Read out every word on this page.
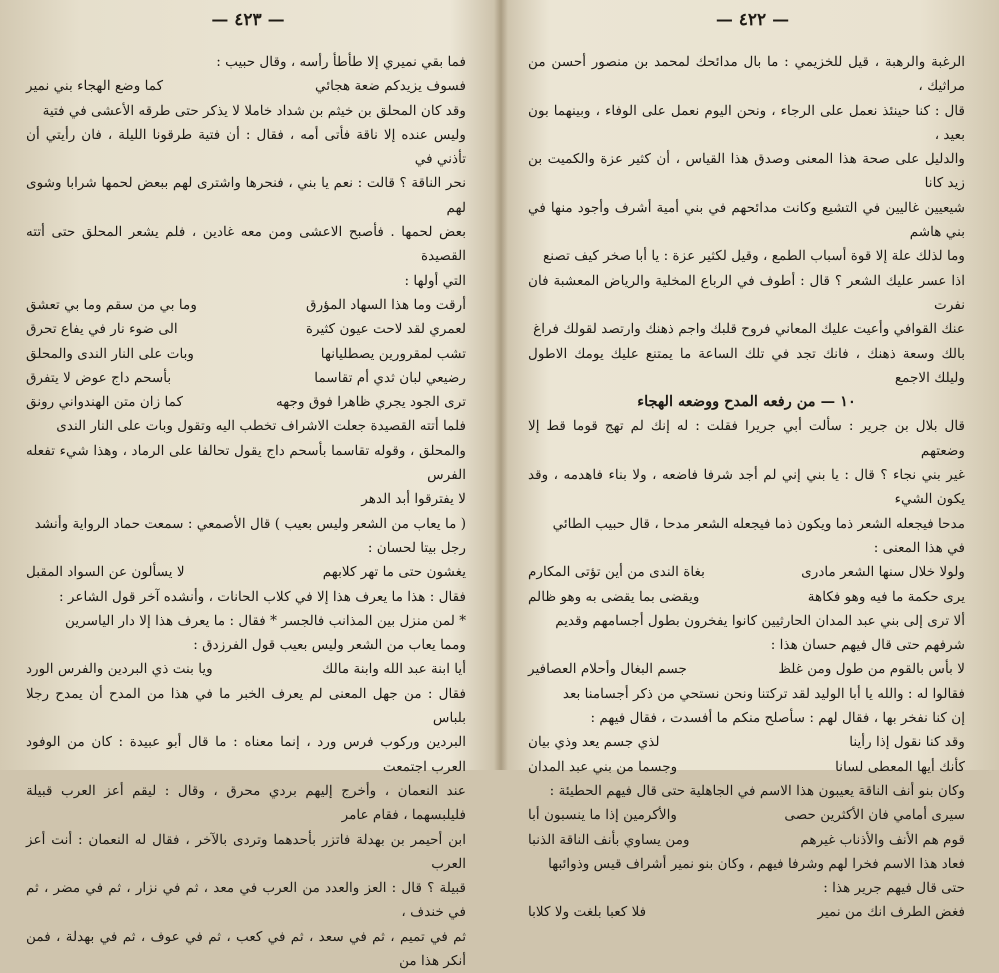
— ٤٢٣ —
فما بقي نميري إلا طأطأ رأسه ، وقال حبيب :
فسوف يزيدكم ضعة هجائي
كما وضع الهجاء بني نمير
وقد كان المحلق بن خيثم بن شداد خاملا لا يذكر حتى طرقه الأعشى في فتية
وليس عنده إلا ناقة فأتى أمه ، فقال : أن فتية طرقونا الليلة ، فان رأيتي أن تأذني في
نحر الناقة ؟ قالت : نعم يا بني ، فنحرها واشترى لهم ببعض لحمها شرابا وشوى لهم
بعض لحمها . فأصبح الاعشى ومن معه غادين ، فلم يشعر المحلق حتى أتته القصيدة
التي أولها :
أرقت وما هذا السهاد المؤرق
وما بي من سقم وما بي تعشق
لعمري لقد لاحت عيون كثيرة
الى ضوء نار في يفاع تحرق
تشب لمقرورين يصطليانها
وبات على النار الندى والمحلق
رضيعي لبان ثدي أم تقاسما
بأسحم داج عوض لا يتفرق
ترى الجود يجري ظاهرا فوق وجهه
كما زان متن الهندواني رونق
فلما أتته القصيدة جعلت الاشراف تخطب اليه وتقول وبات على النار الندى
والمحلق ، وقوله تقاسما بأسحم داج يقول تحالفا على الرماد ، وهذا شيء تفعله الفرس
لا يفترقوا أبد الدهر
( ما يعاب من الشعر وليس بعيب ) قال الأصمعي : سمعت حماد الرواية وأنشد
رجل بيتا لحسان :
يغشون حتى ما تهر كلابهم
لا يسألون عن السواد المقبل
فقال : هذا ما يعرف هذا إلا في كلاب الحانات ، وأنشده آخر قول الشاعر :
* لمن منزل بين المذانب فالجسر * فقال : ما يعرف هذا إلا دار الياسرين
ومما يعاب من الشعر وليس بعيب قول الفرزدق :
أيا ابنة عبد الله وابنة مالك
ويا بنت ذي البردين والفرس الورد
فقال : من جهل المعنى لم يعرف الخبر ما في هذا من المدح أن يمدح رجلا بلباس
البردين وركوب فرس ورد ، إنما معناه : ما قال أبو عبيدة : كان من الوفود العرب اجتمعت
عند النعمان ، وأخرج إليهم بردي محرق ، وقال : ليقم أعز العرب قبيلة فليلبسهما ، فقام عامر
ابن أحيمر بن بهدلة فاتزر بأحدهما وتردى بالآخر ، فقال له النعمان : أنت أعز العرب
قبيلة ؟ قال : العز والعدد من العرب في معد ، ثم في نزار ، ثم في مضر ، ثم في خندف ،
ثم في تميم ، ثم في سعد ، ثم في كعب ، ثم في عوف ، ثم في بهدلة ، فمن أنكر هذا من
— ٤٢٢ —
الرغبة والرهبة ، قيل للخزيمي : ما بال مدائحك لمحمد بن منصور أحسن من مراثيك ،
قال : كنا حينئذ نعمل على الرجاء ، ونحن اليوم نعمل على الوفاء ، وبينهما بون بعيد ،
والدليل على صحة هذا المعنى وصدق هذا القياس ، أن كثير عزة والكميت بن زيد كانا
شيعيين غاليين في التشيع وكانت مدائحهم في بني أمية أشرف وأجود منها في بني هاشم
وما لذلك علة إلا قوة أسباب الطمع ، وقيل لكثير عزة : يا أبا صخر كيف تصنع
اذا عسر عليك الشعر ؟ قال : أطوف في الرباع المخلية والرياض المعشبة فان نفرت
عنك القوافي وأعيت عليك المعاني فروح قلبك واجم ذهنك وارتصد لقولك فراغ
بالك وسعة ذهنك ، فانك تجد في تلك الساعة ما يمتنع عليك يومك الاطول وليلك الاجمع
١٠ — من رفعه المدح ووضعه الهجاء
قال بلال بن جرير : سألت أبي جريرا فقلت : له إنك لم تهج قوما قط إلا وضعتهم
غير بني نجاء ؟ قال : يا بني إني لم أجد شرفا فاضعه ، ولا بناء فاهدمه ، وقد يكون الشيء
مدحا فيجعله الشعر ذما ويكون ذما فيجعله الشعر مدحا ، قال حبيب الطائي
في هذا المعنى :
ولولا خلال سنها الشعر مادرى
بغاة الندى من أين تؤتى المكارم
يرى حكمة ما فيه وهو فكاهة
ويقضى بما يقضى به وهو ظالم
ألا ترى إلى بني عبد المدان الحارثيين كانوا يفخرون بطول أجسامهم وقديم
شرفهم حتى قال فيهم حسان هذا :
لا بأس بالقوم من طول ومن غلظ
جسم البغال وأحلام العصافير
فقالوا له : والله يا أبا الوليد لقد تركتنا ونحن نستحي من ذكر أجسامنا بعد
إن كنا نفخر بها ، فقال لهم : سأصلح منكم ما أفسدت ، فقال فيهم :
وقد كنا نقول إذا رأينا
لذي جسم يعد وذي بيان
كأنك أيها المعطى لسانا
وجسما من بني عبد المدان
وكان بنو أنف الناقة يعيبون هذا الاسم في الجاهلية حتى قال فيهم الحطيئة :
سيرى أمامي فان الأكثرين حصى
والأكرمين إذا ما ينسبون أبا
قوم هم الأنف والأذناب غيرهم
ومن يساوي بأنف الناقة الذنبا
فعاد هذا الاسم فخرا لهم وشرفا فيهم ، وكان بنو نمير أشراف قيس وذوائبها
حتى قال فيهم جرير هذا :
فغض الطرف انك من نمير
فلا كعبا بلغت ولا كلابا
